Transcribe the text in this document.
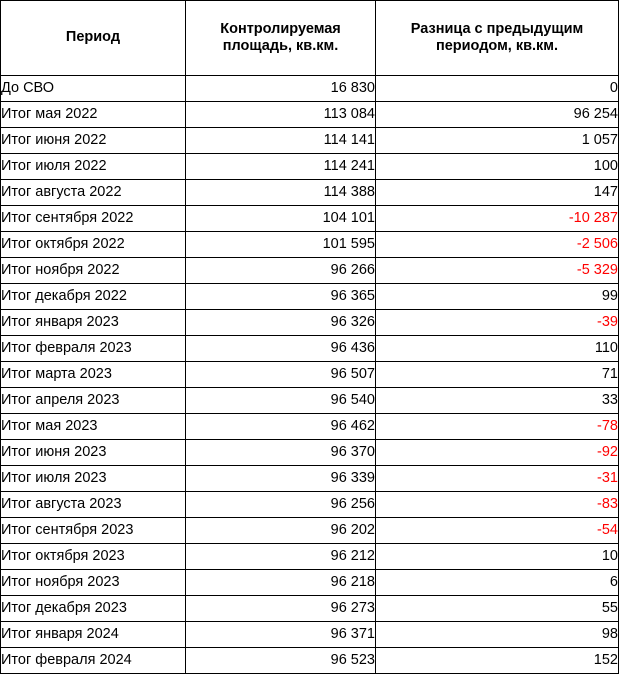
Период	Контролируемая площадь, кв.км.	Разница с предыдущим периодом, кв.км.
До СВО	16 830	0
Итог мая 2022	113 084	96 254
Итог июня 2022	114 141	1 057
Итог июля 2022	114 241	100
Итог августа 2022	114 388	147
Итог сентября 2022	104 101	-10 287
Итог октября 2022	101 595	-2 506
Итог ноября 2022	96 266	-5 329
Итог декабря 2022	96 365	99
Итог января 2023	96 326	-39
Итог февраля 2023	96 436	110
Итог марта 2023	96 507	71
Итог апреля 2023	96 540	33
Итог мая 2023	96 462	-78
Итог июня 2023	96 370	-92
Итог июля 2023	96 339	-31
Итог августа 2023	96 256	-83
Итог сентября 2023	96 202	-54
Итог октября 2023	96 212	10
Итог ноября 2023	96 218	6
Итог декабря 2023	96 273	55
Итог января 2024	96 371	98
Итог февраля 2024	96 523	152
